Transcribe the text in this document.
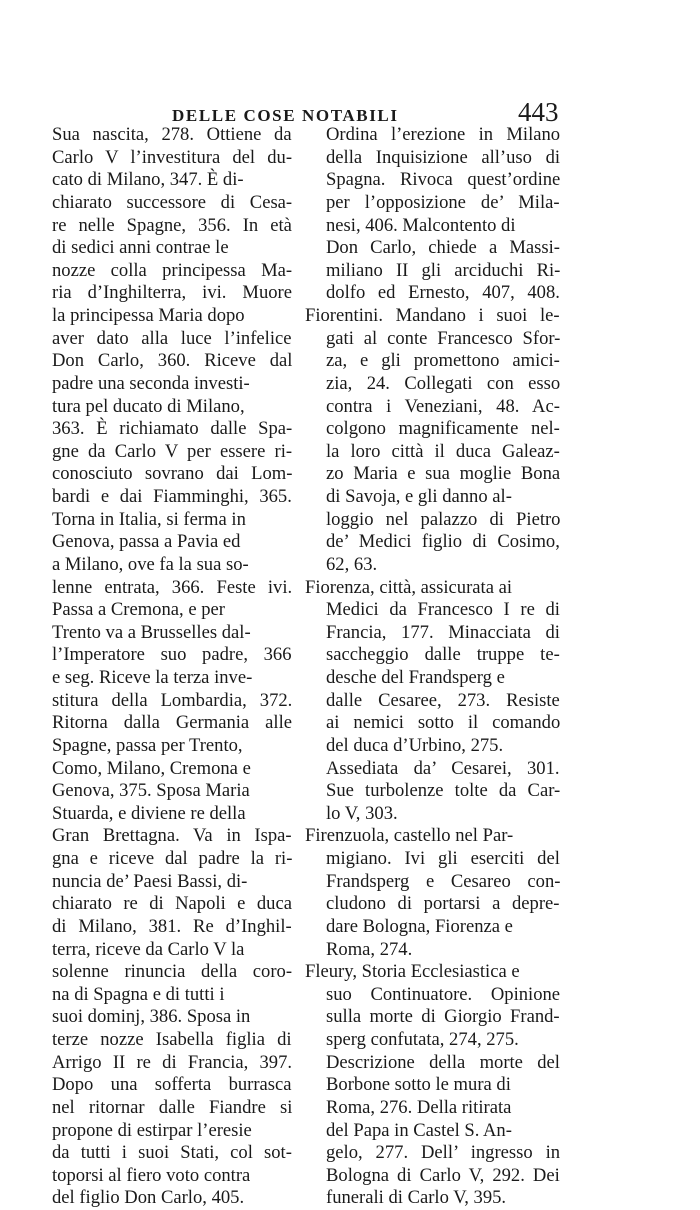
DELLE COSE NOTABILI	443
Sua nascita, 278. Ottiene da
Carlo V l’investitura del du-
cato di Milano, 347. È di-
chiarato successore di Cesa-
re nelle Spagne, 356. In età
di sedici anni contrae le
nozze colla principessa Ma-
ria d’Inghilterra, ivi. Muore
la principessa Maria dopo
aver dato alla luce l’infelice
Don Carlo, 360. Riceve dal
padre una seconda investi-
tura pel ducato di Milano,
363. È richiamato dalle Spa-
gne da Carlo V per essere ri-
conosciuto sovrano dai Lom-
bardi e dai Fiamminghi, 365.
Torna in Italia, si ferma in
Genova, passa a Pavia ed
a Milano, ove fa la sua so-
lenne entrata, 366. Feste ivi.
Passa a Cremona, e per
Trento va a Brusselles dal-
l’Imperatore suo padre, 366
e seg. Riceve la terza inve-
stitura della Lombardia, 372.
Ritorna dalla Germania alle
Spagne, passa per Trento,
Como, Milano, Cremona e
Genova, 375. Sposa Maria
Stuarda, e diviene re della
Gran Brettagna. Va in Ispa-
gna e riceve dal padre la ri-
nuncia de’ Paesi Bassi, di-
chiarato re di Napoli e duca
di Milano, 381. Re d’Inghil-
terra, riceve da Carlo V la
solenne rinuncia della coro-
na di Spagna e di tutti i
suoi dominj, 386. Sposa in
terze nozze Isabella figlia di
Arrigo II re di Francia, 397.
Dopo una sofferta burrasca
nel ritornar dalle Fiandre si
propone di estirpar l’eresie
da tutti i suoi Stati, col sot-
toporsi al fiero voto contra
del figlio Don Carlo, 405.
Ordina l’erezione in Milano
della Inquisizione all’uso di
Spagna. Rivoca quest’ordine
per l’opposizione de’ Mila-
nesi, 406. Malcontento di
Don Carlo, chiede a Massi-
miliano II gli arciduchi Ri-
dolfo ed Ernesto, 407, 408.
Fiorentini. Mandano i suoi le-
gati al conte Francesco Sfor-
za, e gli promettono amici-
zia, 24. Collegati con esso
contra i Veneziani, 48. Ac-
colgono magnificamente nel-
la loro città il duca Galeaz-
zo Maria e sua moglie Bona
di Savoja, e gli danno al-
loggio nel palazzo di Pietro
de’ Medici figlio di Cosimo,
62, 63.
Fiorenza, città, assicurata ai
Medici da Francesco I re di
Francia, 177. Minacciata di
saccheggio dalle truppe te-
desche del Frandsperg e
dalle Cesaree, 273. Resiste
ai nemici sotto il comando
del duca d’Urbino, 275.
Assediata da’ Cesarei, 301.
Sue turbolenze tolte da Car-
lo V, 303.
Firenzuola, castello nel Par-
migiano. Ivi gli eserciti del
Frandsperg e Cesareo con-
cludono di portarsi a depre-
dare Bologna, Fiorenza e
Roma, 274.
Fleury, Storia Ecclesiastica e
suo Continuatore. Opinione
sulla morte di Giorgio Frand-
sperg confutata, 274, 275.
Descrizione della morte del
Borbone sotto le mura di
Roma, 276. Della ritirata
del Papa in Castel S. An-
gelo, 277. Dell’ ingresso in
Bologna di Carlo V, 292. Dei
funerali di Carlo V, 395.
